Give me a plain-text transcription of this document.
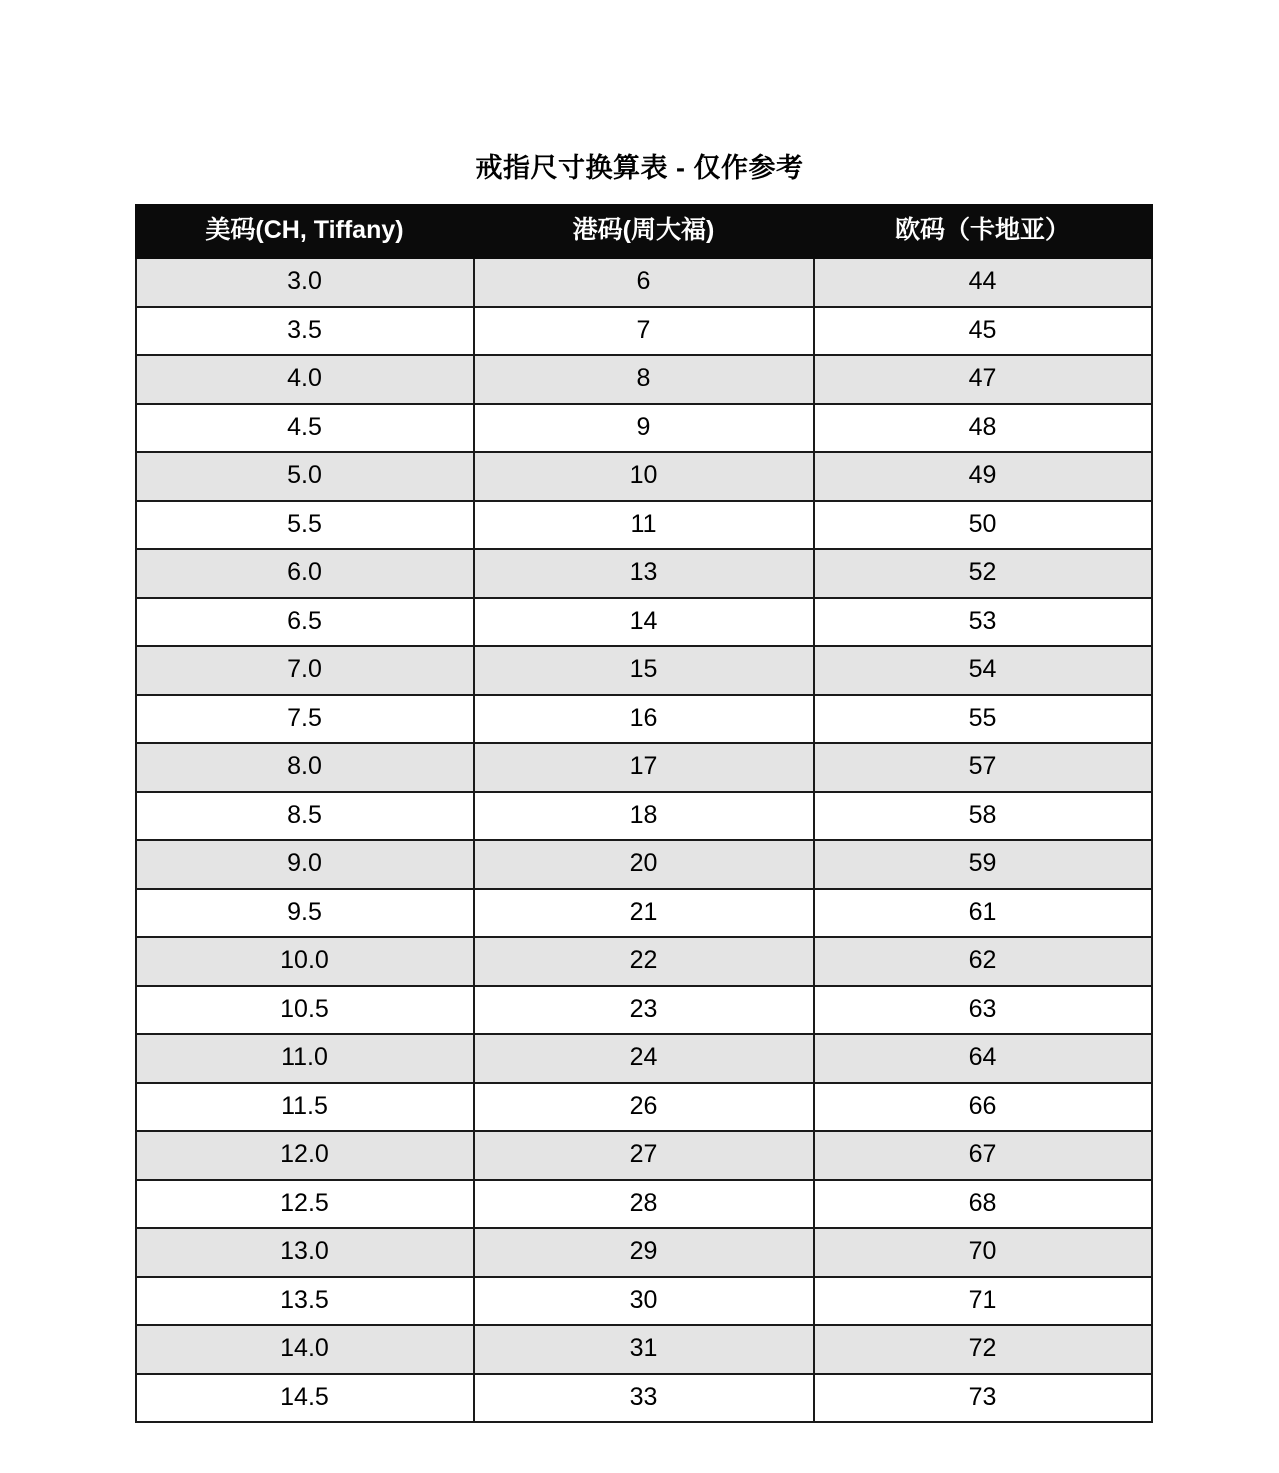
戒指尺寸换算表 - 仅作参考
美码(CH, Tiffany)	港码(周大福)	欧码（卡地亚）
3.0	6	44
3.5	7	45
4.0	8	47
4.5	9	48
5.0	10	49
5.5	11	50
6.0	13	52
6.5	14	53
7.0	15	54
7.5	16	55
8.0	17	57
8.5	18	58
9.0	20	59
9.5	21	61
10.0	22	62
10.5	23	63
11.0	24	64
11.5	26	66
12.0	27	67
12.5	28	68
13.0	29	70
13.5	30	71
14.0	31	72
14.5	33	73
